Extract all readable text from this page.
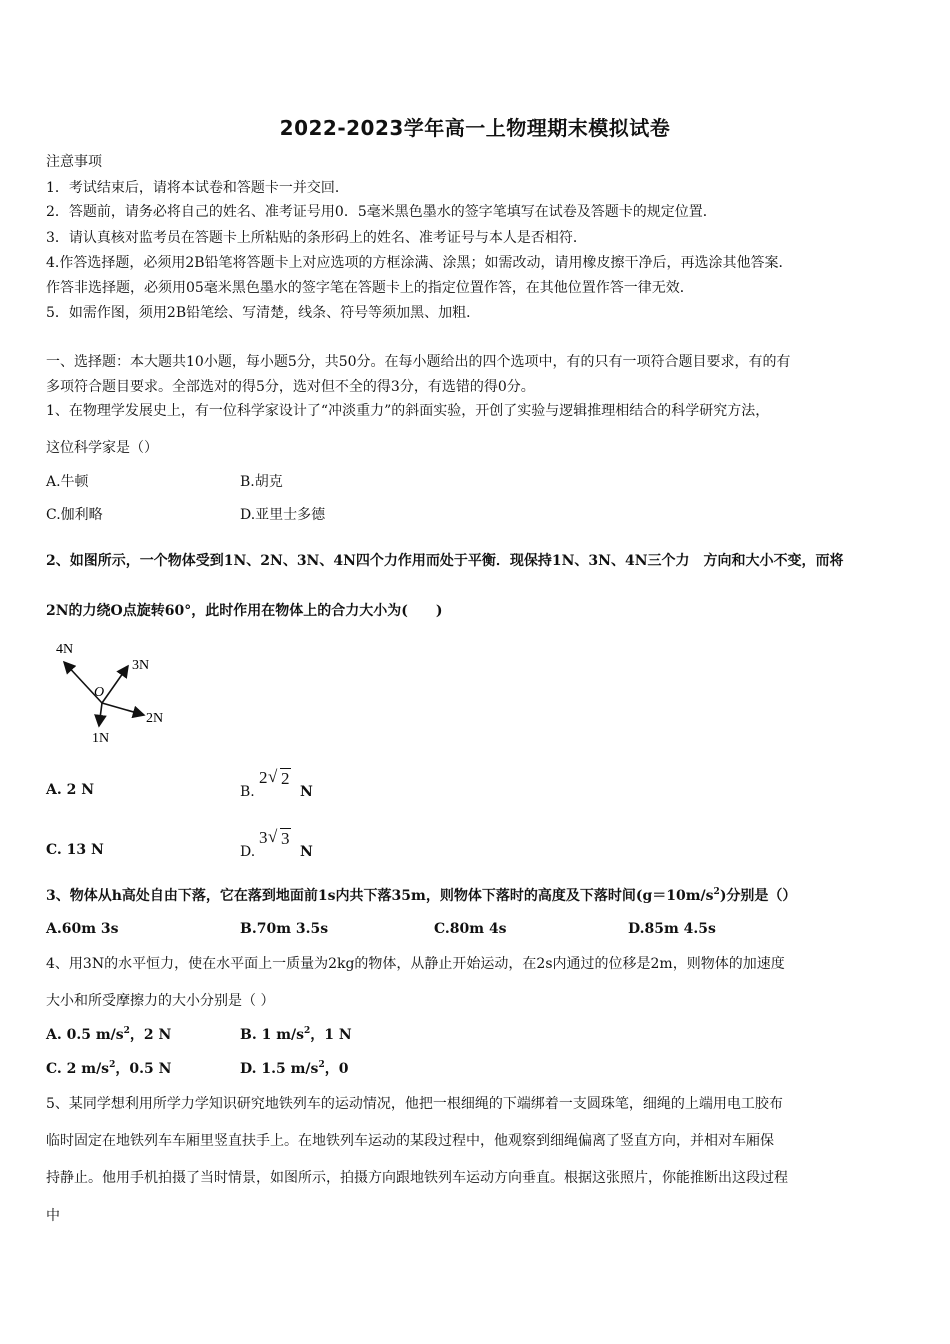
2022-2023学年高一上物理期末模拟试卷
注意事项
1．考试结束后，请将本试卷和答题卡一并交回．
2．答题前，请务必将自己的姓名、准考证号用0．5毫米黑色墨水的签字笔填写在试卷及答题卡的规定位置．
3．请认真核对监考员在答题卡上所粘贴的条形码上的姓名、准考证号与本人是否相符．
4.作答选择题，必须用2B铅笔将答题卡上对应选项的方框涂满、涂黑；如需改动，请用橡皮擦干净后，再选涂其他答案．
作答非选择题，必须用05毫米黑色墨水的签字笔在答题卡上的指定位置作答，在其他位置作答一律无效．
5．如需作图，须用2B铅笔绘、写清楚，线条、符号等须加黑、加粗．
一、选择题：本大题共10小题，每小题5分，共50分。在每小题给出的四个选项中，有的只有一项符合题目要求，有的有
多项符合题目要求。全部选对的得5分，选对但不全的得3分，有选错的得0分。
1、在物理学发展史上，有一位科学家设计了“冲淡重力”的斜面实验，开创了实验与逻辑推理相结合的科学研究方法，
这位科学家是（）
A.牛顿	B.胡克
C.伽利略	D.亚里士多德
2、如图所示，一个物体受到1N、2N、3N、4N四个力作用而处于平衡．现保持1N、3N、4N三个力　方向和大小不变，而将
2N的力绕O点旋转60°，此时作用在物体上的合力大小为(　　)
4N
3N
O
2N
1N
A. 2 N	B.
2 √ 2
N
C. 13 N	D.
3 √ 3
N
3、物体从h高处自由下落，它在落到地面前1s内共下落35m，则物体下落时的高度及下落时间$(g=10m/s^2)$分别是（）
A.60m 3s	B.70m 3.5s	C.80m 4s	D.85m 4.5s
4、用3N的水平恒力，使在水平面上一质量为2kg的物体，从静止开始运动，在2s内通过的位移是2m，则物体的加速度
大小和所受摩擦力的大小分别是（ ）
A. 0.5 $m/s^2$，2 N	B. 1 $m/s^2$，1 N
C. 2 $m/s^2$，0.5 N	D. 1.5 $m/s^2$，0
5、某同学想利用所学力学知识研究地铁列车的运动情况，他把一根细绳的下端绑着一支圆珠笔，细绳的上端用电工胶布
临时固定在地铁列车车厢里竖直扶手上。在地铁列车运动的某段过程中，他观察到细绳偏离了竖直方向，并相对车厢保
持静止。他用手机拍摄了当时情景，如图所示，拍摄方向跟地铁列车运动方向垂直。根据这张照片，你能推断出这段过程
中
